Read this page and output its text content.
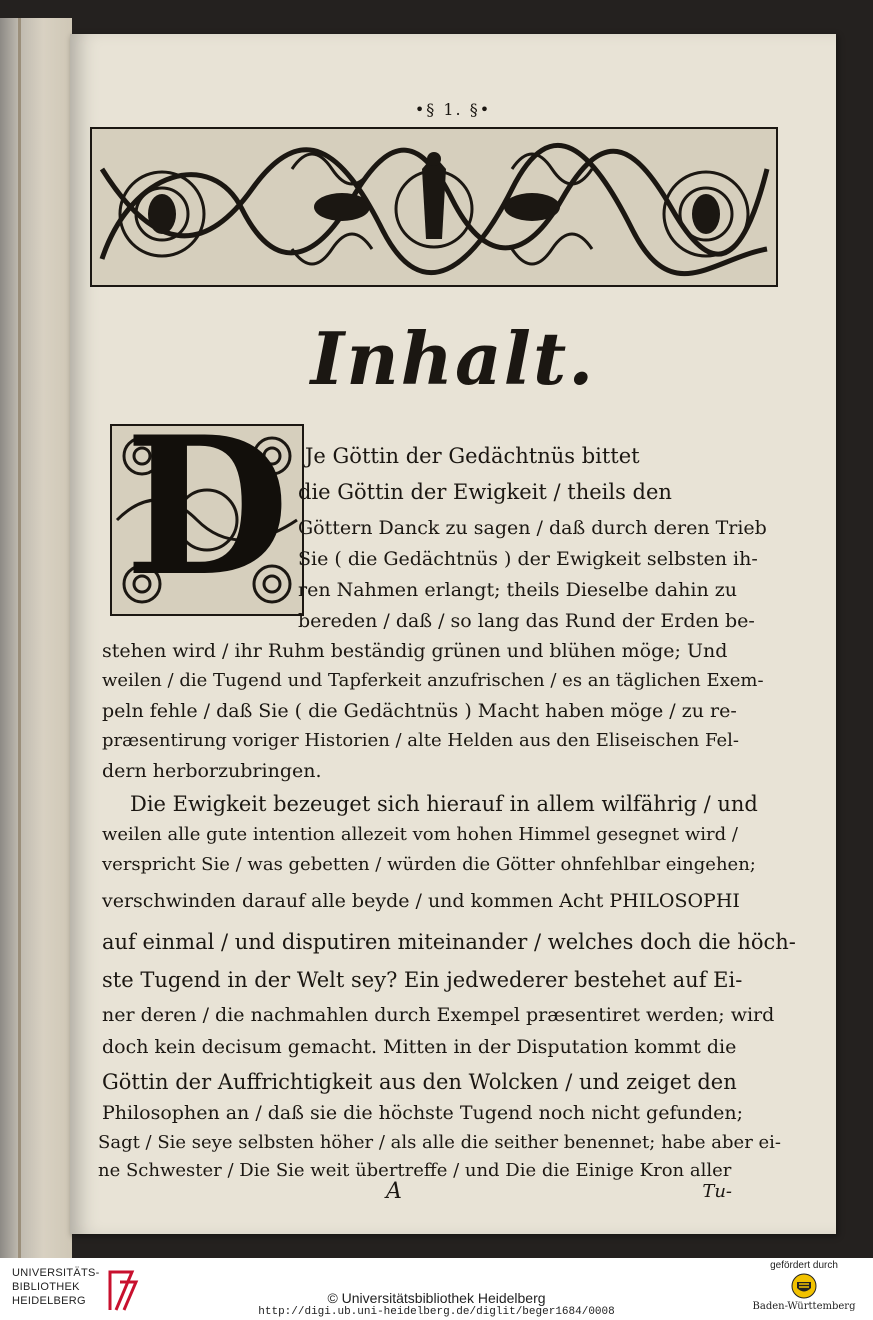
•§ 1. §•
Inhalt.
D Je Göttin der Gedächtnüs bittet
die Göttin der Ewigkeit / theils den
Göttern Danck zu sagen / daß durch deren Trieb
Sie ( die Gedächtnüs ) der Ewigkeit selbsten ih-
ren Nahmen erlangt; theils Dieselbe dahin zu
bereden / daß / so lang das Rund der Erden be-
stehen wird / ihr Ruhm beständig grünen und blühen möge; Und
weilen / die Tugend und Tapferkeit anzufrischen / es an täglichen Exem-
peln fehle / daß Sie ( die Gedächtnüs ) Macht haben möge / zu re-
præsentirung voriger Historien / alte Helden aus den Eliseischen Fel-
dern herborzubringen.
Die Ewigkeit bezeuget sich hierauf in allem wilfährig / und
weilen alle gute intention allezeit vom hohen Himmel gesegnet wird /
verspricht Sie / was gebetten / würden die Götter ohnfehlbar eingehen;
verschwinden darauf alle beyde / und kommen Acht PHILOSOPHI
auf einmal / und disputiren miteinander / welches doch die höch-
ste Tugend in der Welt sey? Ein jedwederer bestehet auf Ei-
ner deren / die nachmahlen durch Exempel præsentiret werden; wird
doch kein decisum gemacht. Mitten in der Disputation kommt die
Göttin der Auffrichtigkeit aus den Wolcken / und zeiget den
Philosophen an / daß sie die höchste Tugend noch nicht gefunden;
Sagt / Sie seye selbsten höher / als alle die seither benennet; habe aber ei-
ne Schwester / Die Sie weit übertreffe / und Die die Einige Kron aller
A	Tu-
UNIVERSITÄTS-
BIBLIOTHEK
HEIDELBERG	© Universitätsbibliothek Heidelberg
http://digi.ub.uni-heidelberg.de/diglit/beger1684/0008
gefördert durch
Baden-Württemberg
